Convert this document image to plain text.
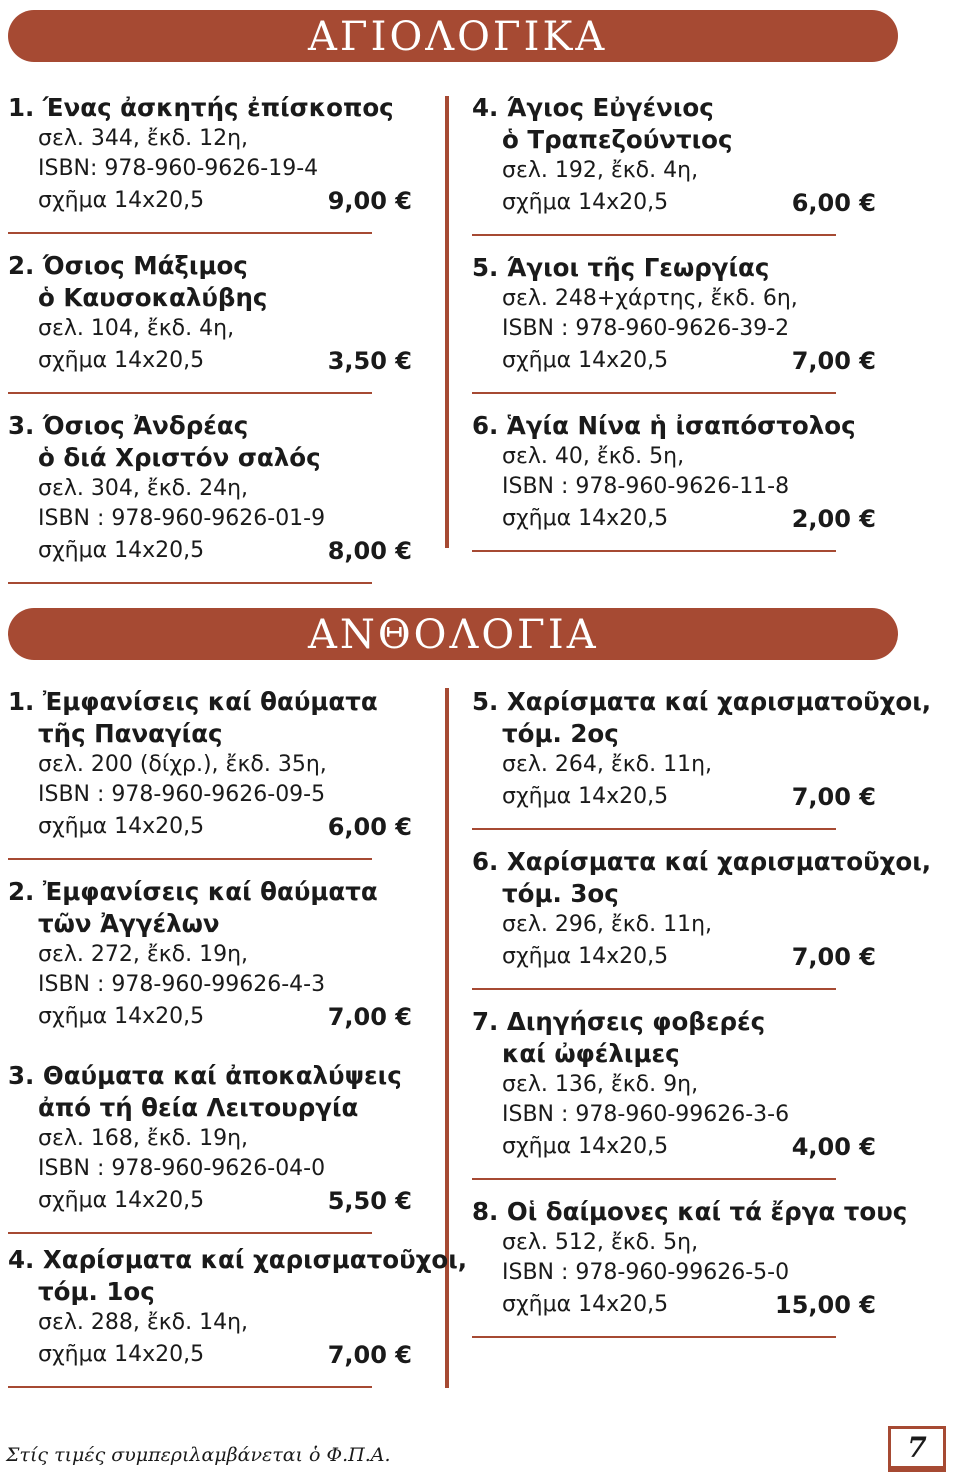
ΑΓΙΟΛΟΓΙΚΑ
1. Ένας ἀσκητής ἐπίσκοπος
σελ. 344, ἔκδ. 12η,
ISBN: 978-960-9626-19-4
σχῆμα 14x20,5	9,00 €
2. Όσιος Μάξιμος
ὁ Καυσοκαλύβης
σελ. 104, ἔκδ. 4η,
σχῆμα 14x20,5	3,50 €
3. Όσιος Ἀνδρέας
ὁ διά Χριστόν σαλός
σελ. 304, ἔκδ. 24η,
ISBN : 978-960-9626-01-9
σχῆμα 14x20,5	8,00 €
4. Άγιος Εὐγένιος
ὁ Τραπεζούντιος
σελ. 192, ἔκδ. 4η,
σχῆμα 14x20,5	6,00 €
5. Άγιοι τῆς Γεωργίας
σελ. 248+χάρτης, ἔκδ. 6η,
ISBN : 978-960-9626-39-2
σχῆμα 14x20,5	7,00 €
6. Ἁγία Νίνα ἡ ἰσαπόστολος
σελ. 40, ἔκδ. 5η,
ISBN : 978-960-9626-11-8
σχῆμα 14x20,5	2,00 €
ΑΝΘΟΛΟΓΙΑ
1. Ἐμφανίσεις καί θαύματα
τῆς Παναγίας
σελ. 200 (δίχρ.), ἔκδ. 35η,
ISBN : 978-960-9626-09-5
σχῆμα 14x20,5	6,00 €
2. Ἐμφανίσεις καί θαύματα
τῶν Ἀγγέλων
σελ. 272, ἔκδ. 19η,
ISBN : 978-960-99626-4-3
σχῆμα 14x20,5	7,00 €
3. Θαύματα καί ἀποκαλύψεις
ἀπό τή θεία Λειτουργία
σελ. 168, ἔκδ. 19η,
ISBN : 978-960-9626-04-0
σχῆμα 14x20,5	5,50 €
4. Χαρίσματα καί χαρισματοῦχοι,
τόμ. 1ος
σελ. 288, ἔκδ. 14η,
σχῆμα 14x20,5	7,00 €
5. Χαρίσματα καί χαρισματοῦχοι,
τόμ. 2ος
σελ. 264, ἔκδ. 11η,
σχῆμα 14x20,5	7,00 €
6. Χαρίσματα καί χαρισματοῦχοι,
τόμ. 3ος
σελ. 296, ἔκδ. 11η,
σχῆμα 14x20,5	7,00 €
7. Διηγήσεις φοβερές
καί ὠφέλιμες
σελ. 136, ἔκδ. 9η,
ISBN : 978-960-99626-3-6
σχῆμα 14x20,5	4,00 €
8. Οἱ δαίμονες καί τά ἔργα τους
σελ. 512, ἔκδ. 5η,
ISBN : 978-960-99626-5-0
σχῆμα 14x20,5	15,00 €
Στίς τιμές συμπεριλαμβάνεται ὁ Φ.Π.Α.	7
